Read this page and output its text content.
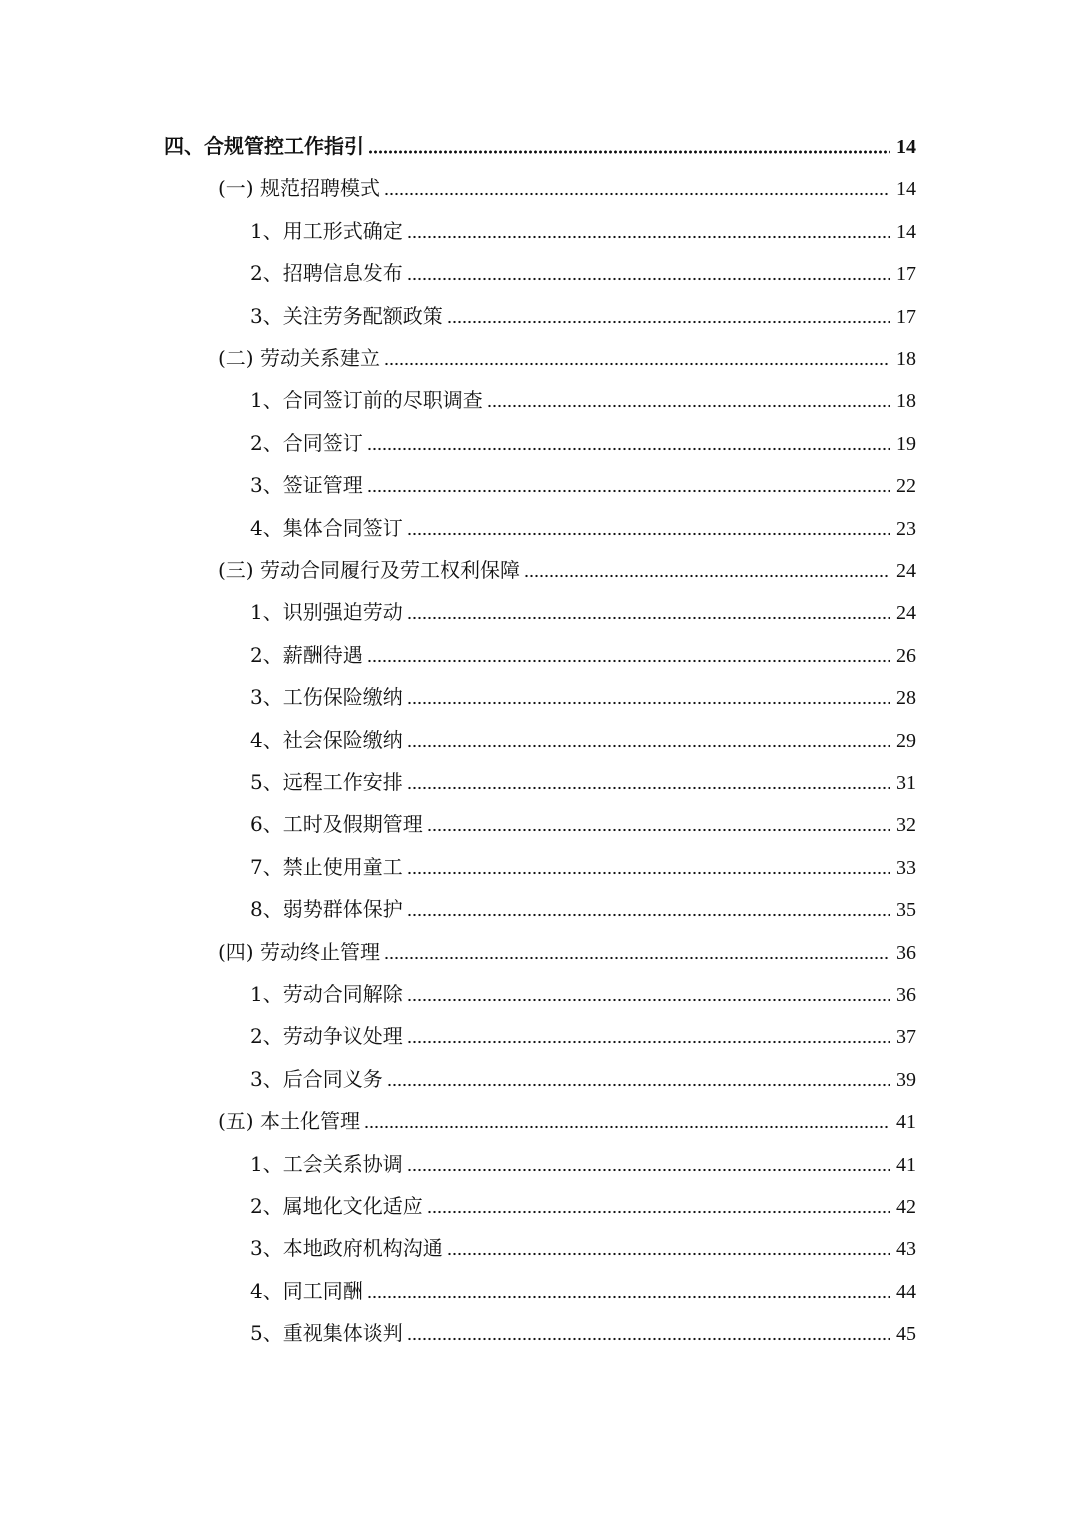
四、合规管控工作指引	14
(一) 规范招聘模式	14
1、用工形式确定	14
2、招聘信息发布	17
3、关注劳务配额政策	17
(二) 劳动关系建立	18
1、合同签订前的尽职调查	18
2、合同签订	19
3、签证管理	22
4、集体合同签订	23
(三) 劳动合同履行及劳工权利保障	24
1、识别强迫劳动	24
2、薪酬待遇	26
3、工伤保险缴纳	28
4、社会保险缴纳	29
5、远程工作安排	31
6、工时及假期管理	32
7、禁止使用童工	33
8、弱势群体保护	35
(四) 劳动终止管理	36
1、劳动合同解除	36
2、劳动争议处理	37
3、后合同义务	39
(五) 本土化管理	41
1、工会关系协调	41
2、属地化文化适应	42
3、本地政府机构沟通	43
4、同工同酬	44
5、重视集体谈判	45
